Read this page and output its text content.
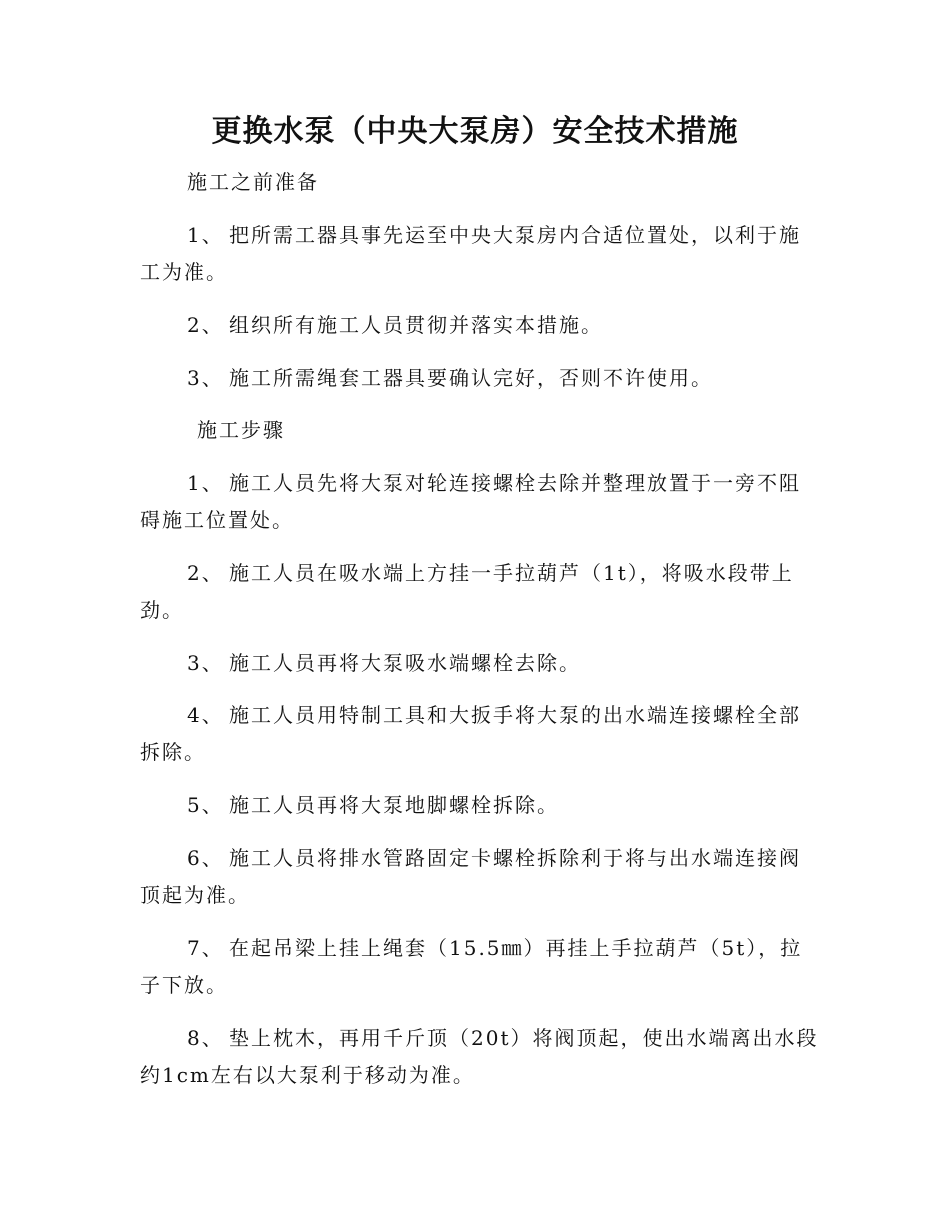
更换水泵（中央大泵房）安全技术措施

施工之前准备

1、 把所需工器具事先运至中央大泵房内合适位置处，以利于施

工为准。

2、 组织所有施工人员贯彻并落实本措施。

3、 施工所需绳套工器具要确认完好，否则不许使用。

施工步骤

1、 施工人员先将大泵对轮连接螺栓去除并整理放置于一旁不阻

碍施工位置处。

2、 施工人员在吸水端上方挂一手拉葫芦（1t），将吸水段带上

劲。

3、 施工人员再将大泵吸水端螺栓去除。

4、 施工人员用特制工具和大扳手将大泵的出水端连接螺栓全部

拆除。

5、 施工人员再将大泵地脚螺栓拆除。

6、 施工人员将排水管路固定卡螺栓拆除利于将与出水端连接阀

顶起为准。

7、 在起吊梁上挂上绳套（15.5㎜）再挂上手拉葫芦（5t），拉

子下放。

8、 垫上枕木，再用千斤顶（20t）将阀顶起，使出水端离出水段

约1cm左右以大泵利于移动为准。
